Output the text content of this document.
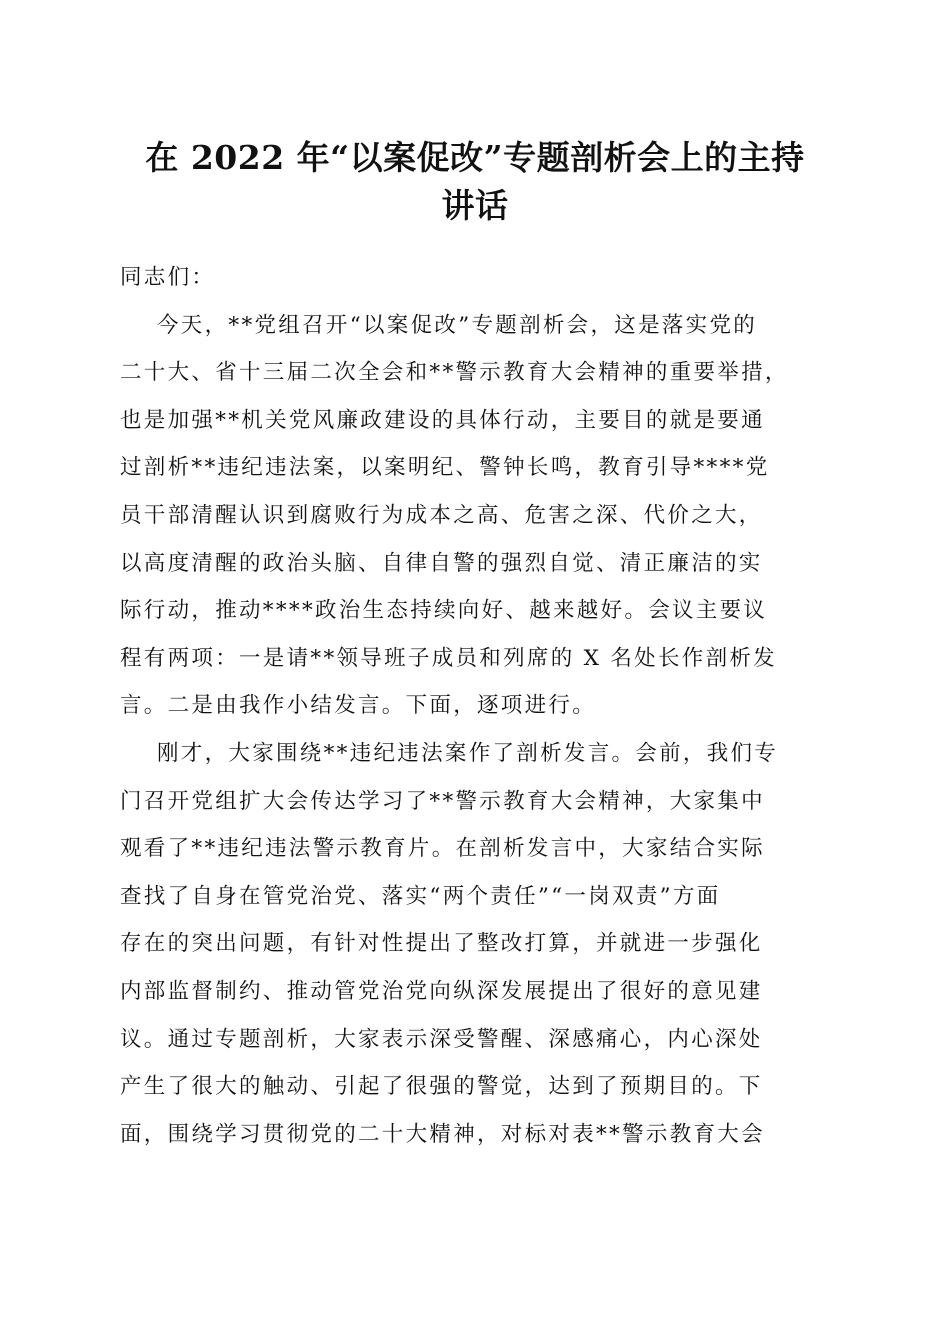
在 2022 年“以案促改”专题剖析会上的主持
讲话
同志们：
今天，**党组召开“以案促改”专题剖析会，这是落实党的
二十大、省十三届二次全会和**警示教育大会精神的重要举措，
也是加强**机关党风廉政建设的具体行动，主要目的就是要通
过剖析**违纪违法案，以案明纪、警钟长鸣，教育引导****党
员干部清醒认识到腐败行为成本之高、危害之深、代价之大，
以高度清醒的政治头脑、自律自警的强烈自觉、清正廉洁的实
际行动，推动****政治生态持续向好、越来越好。会议主要议
程有两项：一是请**领导班子成员和列席的 X 名处长作剖析发
言。二是由我作小结发言。下面，逐项进行。
刚才，大家围绕**违纪违法案作了剖析发言。会前，我们专
门召开党组扩大会传达学习了**警示教育大会精神，大家集中
观看了**违纪违法警示教育片。在剖析发言中，大家结合实际
查找了自身在管党治党、落实“两个责任”“一岗双责”方面
存在的突出问题，有针对性提出了整改打算，并就进一步强化
内部监督制约、推动管党治党向纵深发展提出了很好的意见建
议。通过专题剖析，大家表示深受警醒、深感痛心，内心深处
产生了很大的触动、引起了很强的警觉，达到了预期目的。下
面，围绕学习贯彻党的二十大精神，对标对表**警示教育大会
